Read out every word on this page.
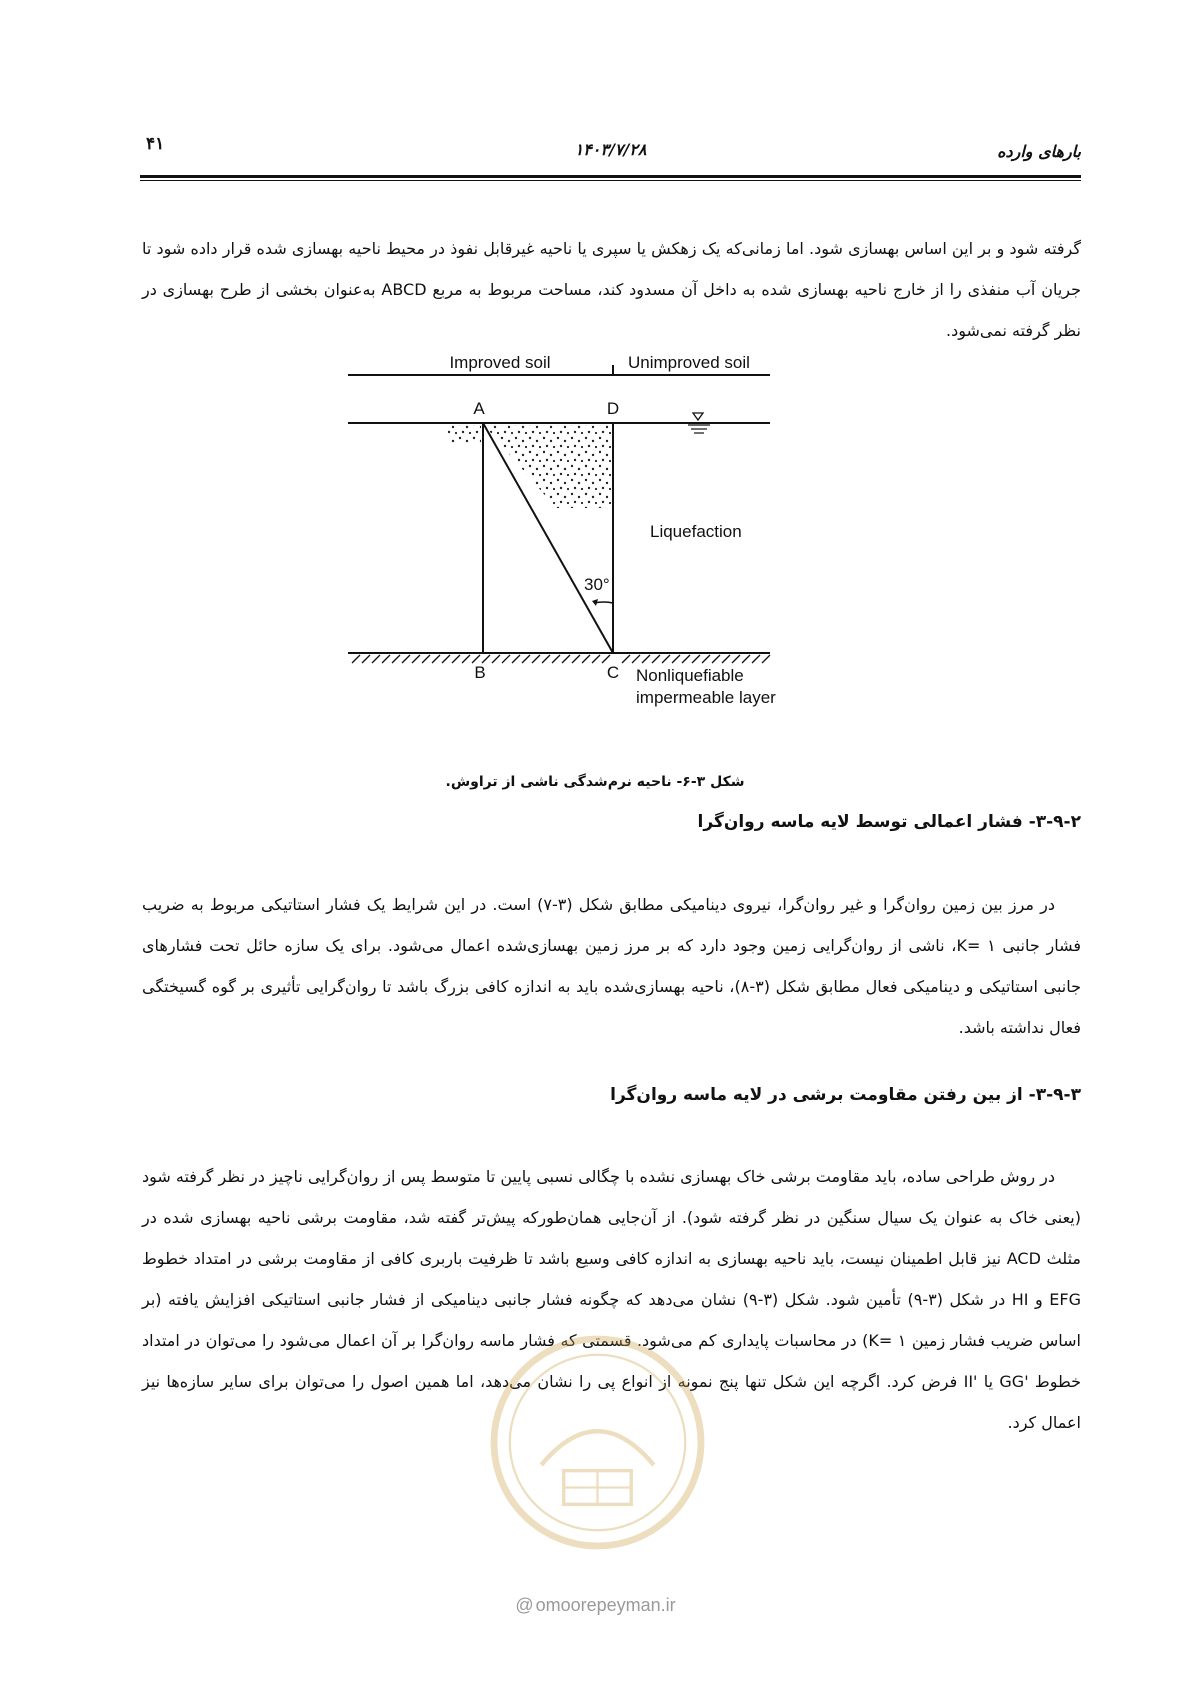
۴۱	۱۴۰۳/۷/۲۸	بارهای وارده

گرفته شود و بر این اساس بهسازی شود. اما زمانی‌که یک زهکش یا سپری یا ناحیه غیرقابل نفوذ در محیط ناحیه بهسازی شده قرار داده شود تا جریان آب منفذی را از خارج ناحیه بهسازی شده به داخل آن مسدود کند، مساحت مربوط به مربع ABCD به‌عنوان بخشی از طرح بهسازی در نظر گرفته نمی‌شود.

Improved soil	Unimproved soil
A	D
30°
Liquefaction
B	C Nonliquefiable
impermeable layer
شکل ۳-۶- ناحیه نرم‌شدگی ناشی از تراوش.
۳-۹-۲- فشار اعمالی توسط لایه ماسه روان‌گرا

در مرز بین زمین روان‌گرا و غیر روان‌گرا، نیروی دینامیکی مطابق شکل (۳-۷) است. در این شرایط یک فشار استاتیکی مربوط به ضریب فشار جانبی ۱ =K، ناشی از روان‌گرایی زمین وجود دارد که بر مرز زمین بهسازی‌شده اعمال می‌شود. برای یک سازه حائل تحت فشارهای جانبی استاتیکی و دینامیکی فعال مطابق شکل (۳-۸)، ناحیه بهسازی‌شده باید به اندازه کافی بزرگ باشد تا روان‌گرایی تأثیری بر گوه گسیختگی فعال نداشته باشد.

۳-۹-۳- از بین رفتن مقاومت برشی در لایه ماسه روان‌گرا

در روش طراحی ساده، باید مقاومت برشی خاک بهسازی نشده با چگالی نسبی پایین تا متوسط پس از روان‌گرایی ناچیز در نظر گرفته شود (یعنی خاک به عنوان یک سیال سنگین در نظر گرفته شود). از آن‌جایی همان‌طورکه پیش‌تر گفته شد، مقاومت برشی ناحیه بهسازی شده در مثلث ACD نیز قابل اطمینان نیست، باید ناحیه بهسازی به اندازه کافی وسیع باشد تا ظرفیت باربری کافی از مقاومت برشی در امتداد خطوط EFG و HI در شکل (۳-۹) تأمین شود. شکل (۳-۹) نشان می‌دهد که چگونه فشار جانبی دینامیکی از فشار جانبی استاتیکی افزایش یافته (بر اساس ضریب فشار زمین ۱ =K) در محاسبات پایداری کم می‌شود. قسمتی که فشار ماسه روان‌گرا بر آن اعمال می‌شود را می‌توان در امتداد خطوط 'GG یا 'II فرض کرد. اگرچه این شکل تنها پنج نمونه از انواع پی را نشان می‌دهد، اما همین اصول را می‌توان برای سایر سازه‌ها نیز اعمال کرد.

@ omoorepeyman.ir
